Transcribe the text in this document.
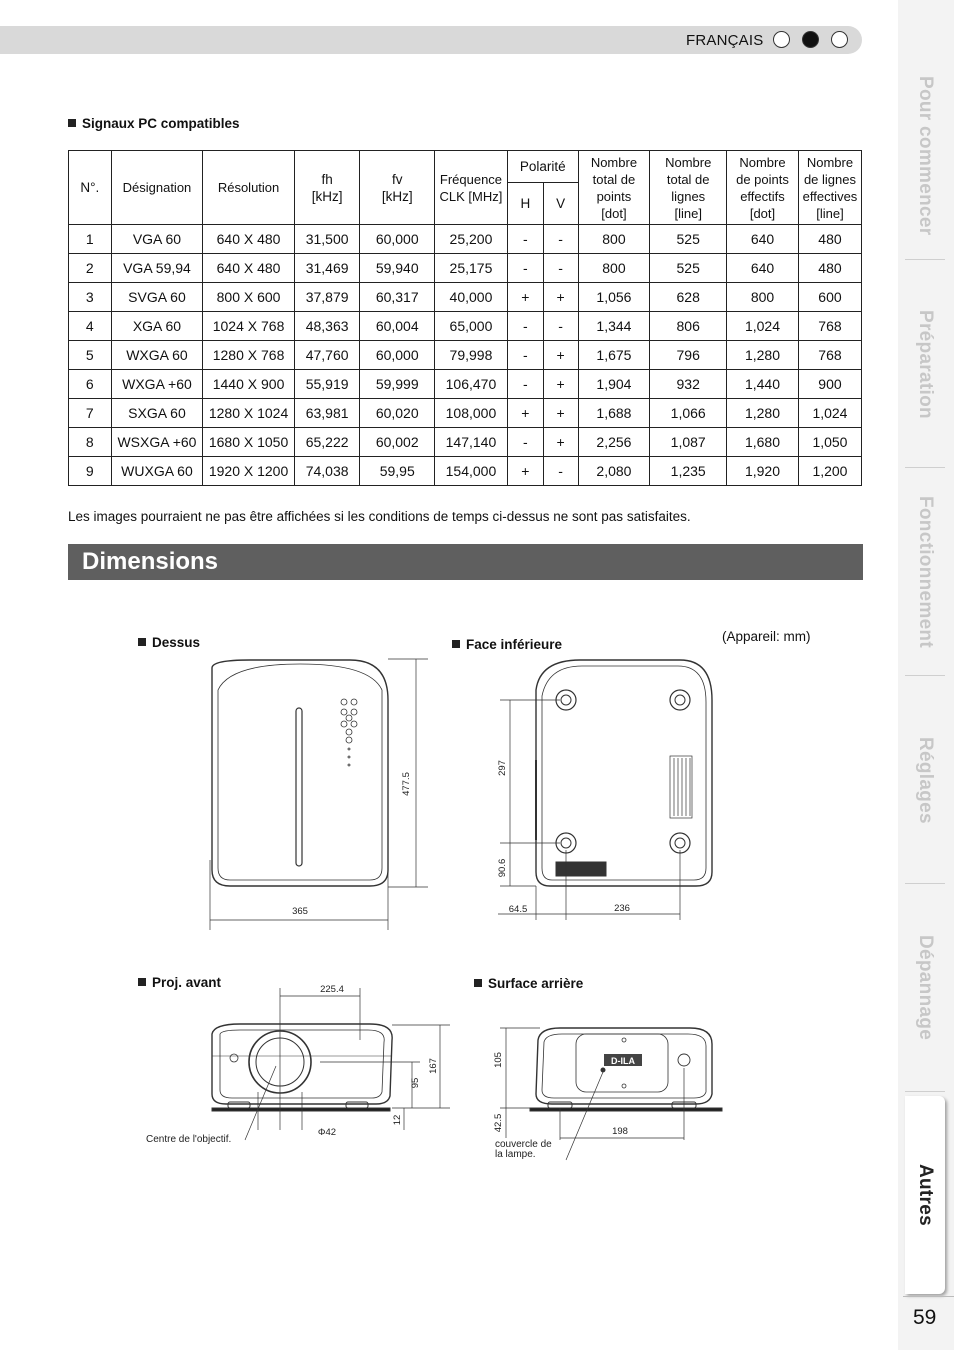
FRANÇAIS
Pour commencer
Préparation
Fonctionnement
Réglages
Dépannage
Autres
59
Signaux PC compatibles
N°.	Désignation	Résolution	fh [kHz]	fv [kHz]	Fréquence CLK [MHz]	Polarité		Nombre total de points [dot]	Nombre total de lignes [line]	Nombre de points effectifs [dot]	Nombre de lignes effectives [line]
						H	V				
1	VGA 60	640 X 480	31,500	60,000	25,200	-	-	800	525	640	480
2	VGA 59,94	640 X 480	31,469	59,940	25,175	-	-	800	525	640	480
3	SVGA 60	800 X 600	37,879	60,317	40,000	+	+	1,056	628	800	600
4	XGA 60	1024 X 768	48,363	60,004	65,000	-	-	1,344	806	1,024	768
5	WXGA 60	1280 X 768	47,760	60,000	79,998	-	+	1,675	796	1,280	768
6	WXGA +60	1440 X 900	55,919	59,999	106,470	-	+	1,904	932	1,440	900
7	SXGA 60	1280 X 1024	63,981	60,020	108,000	+	+	1,688	1,066	1,280	1,024
8	WSXGA +60	1680 X 1050	65,222	60,002	147,140	-	+	2,256	1,087	1,680	1,050
9	WUXGA 60	1920 X 1200	74,038	59,95	154,000	+	-	2,080	1,235	1,920	1,200
Les images pourraient ne pas être affichées si les conditions de temps ci-dessus ne sont pas satisfaites.
Dimensions
Dessus	Face inférieure
Proj. avant	Surface arrière
(Appareil: mm)
D-ILA
477.5
365
297
90.6
64.5	236
225.4
167
95
12
Φ42
105
42.5	198
Centre de l'objectif.	couvercle de
la lampe.
